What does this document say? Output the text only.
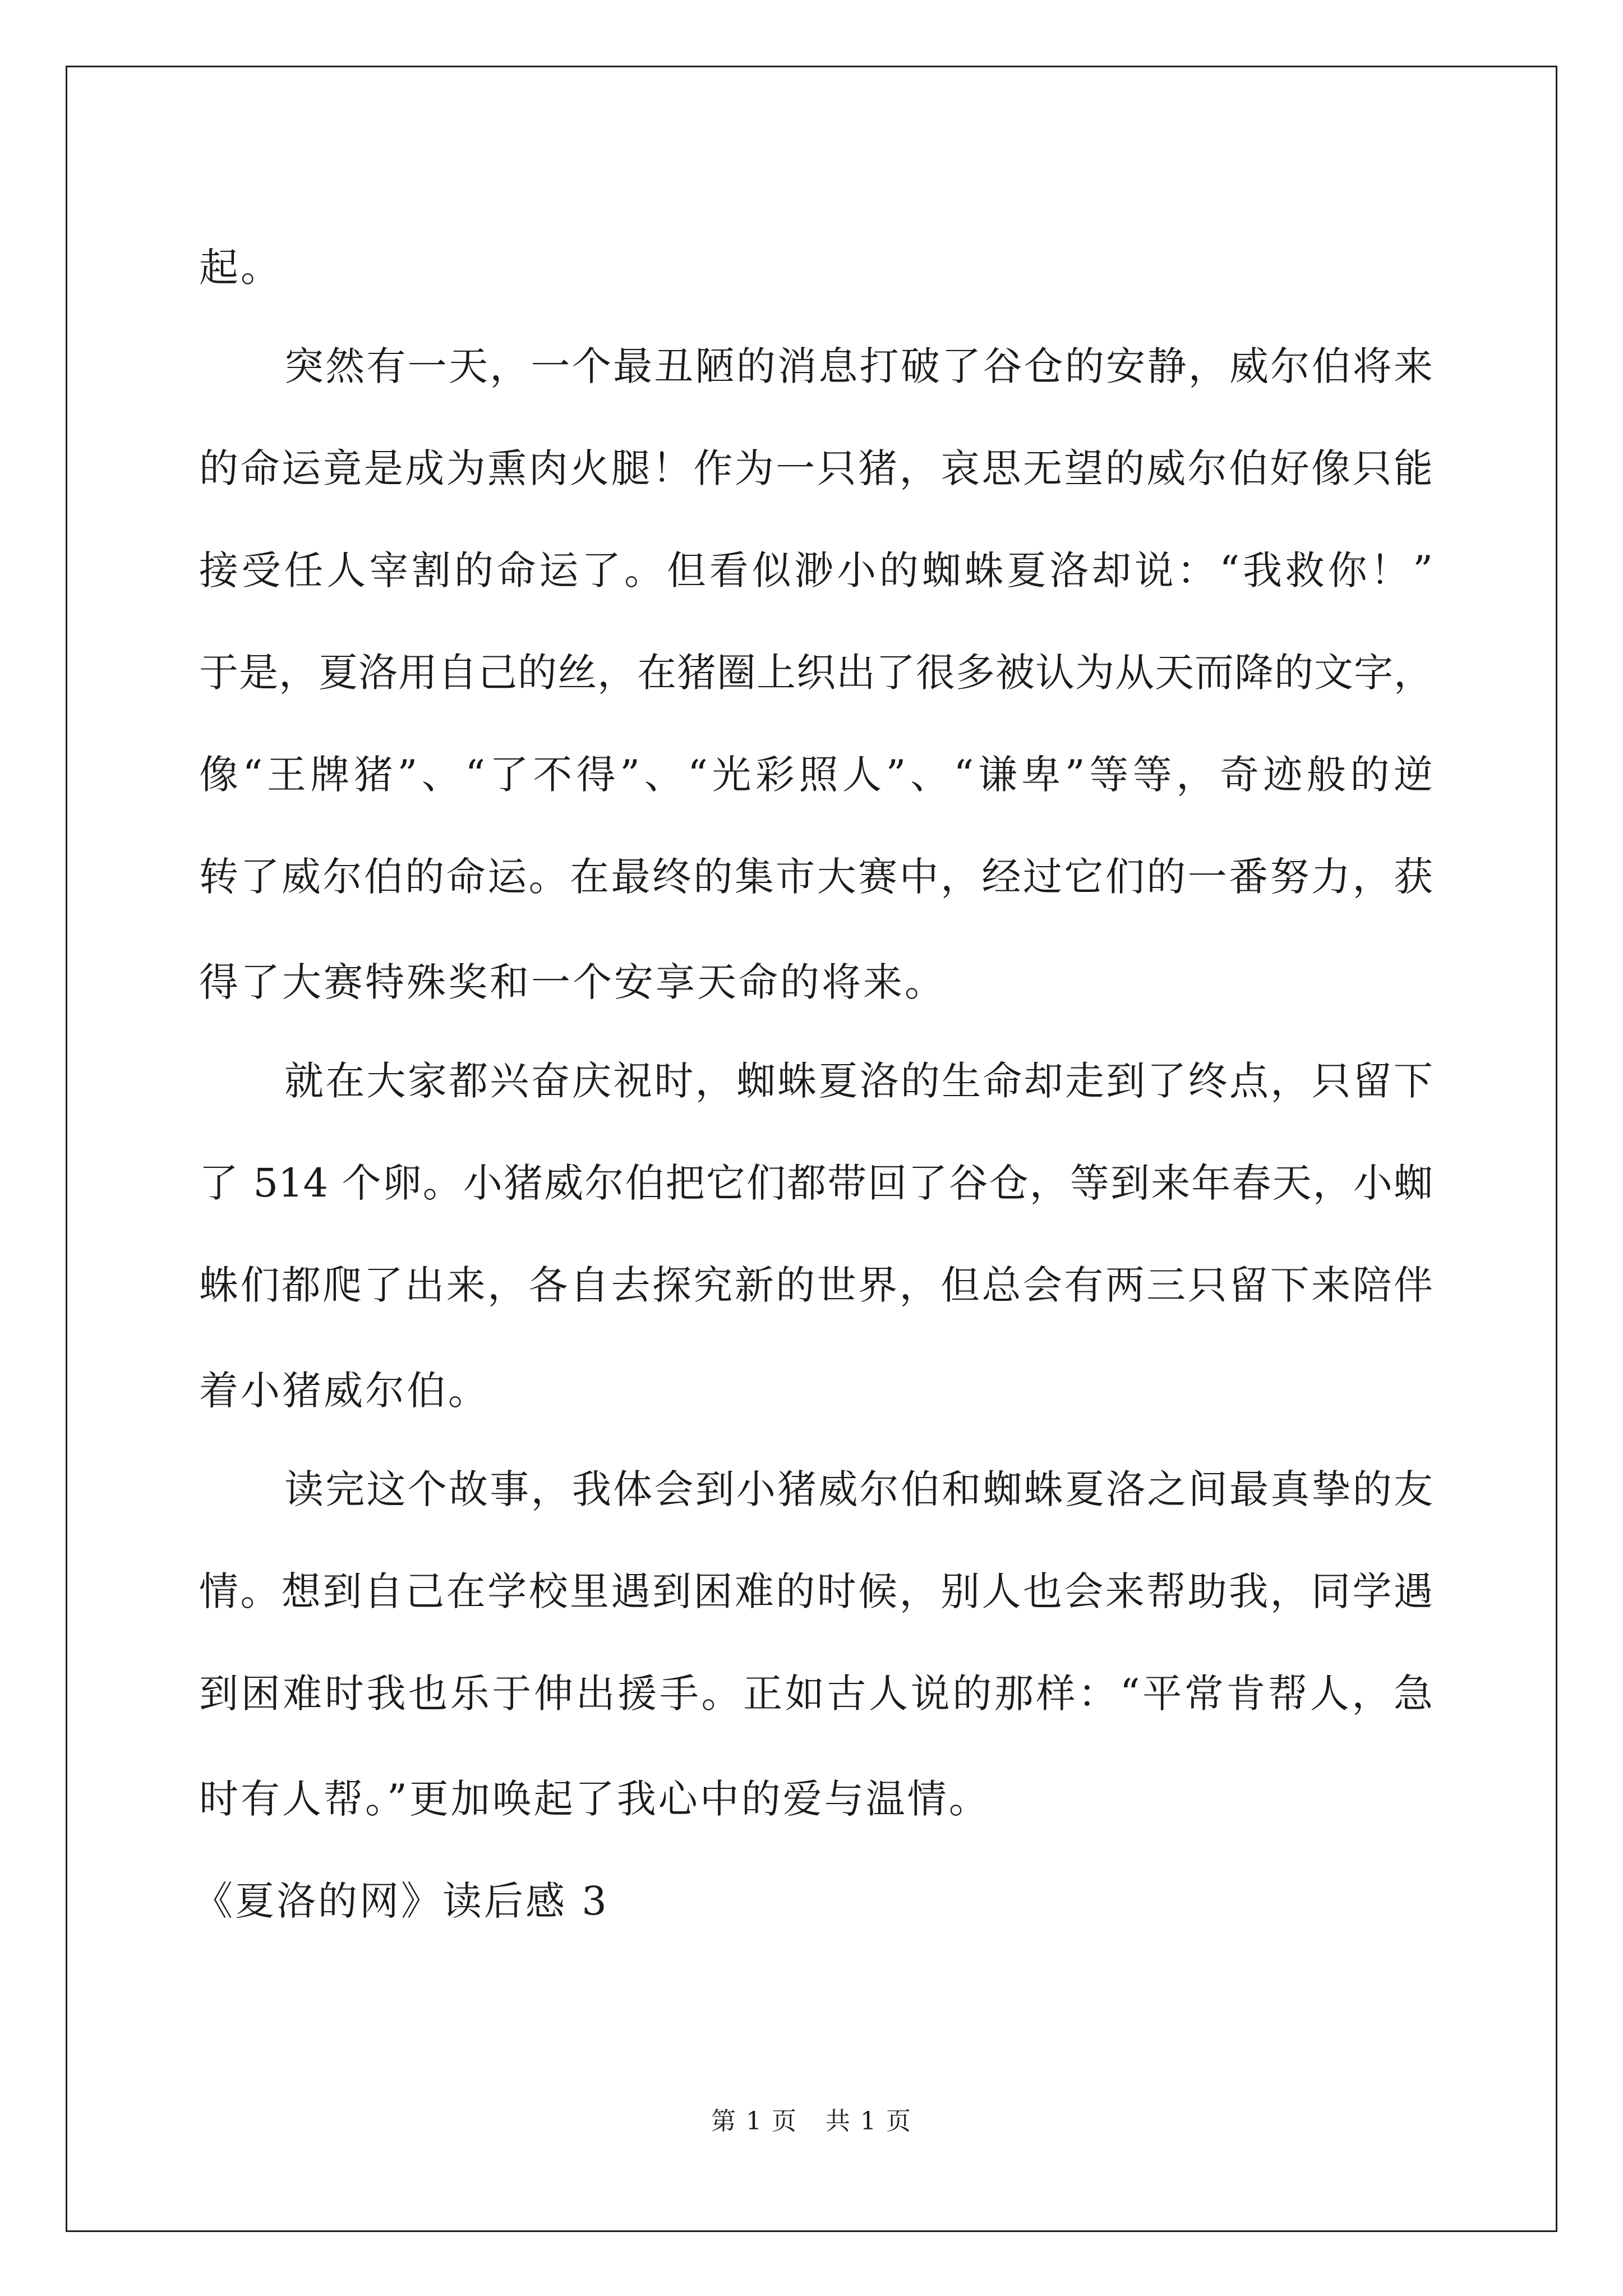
起。
突然有一天，一个最丑陋的消息打破了谷仓的安静，威尔伯将来
的命运竟是成为熏肉火腿！作为一只猪，哀思无望的威尔伯好像只能
接受任人宰割的命运了。但看似渺小的蜘蛛夏洛却说：“我救你！”
于是，夏洛用自己的丝，在猪圈上织出了很多被认为从天而降的文字，
像“王牌猪”、“了不得”、“光彩照人”、“谦卑”等等，奇迹般的逆
转了威尔伯的命运。在最终的集市大赛中，经过它们的一番努力，获
得了大赛特殊奖和一个安享天命的将来。
就在大家都兴奋庆祝时，蜘蛛夏洛的生命却走到了终点，只留下
了 514 个卵。小猪威尔伯把它们都带回了谷仓，等到来年春天，小蜘
蛛们都爬了出来，各自去探究新的世界，但总会有两三只留下来陪伴
着小猪威尔伯。
读完这个故事，我体会到小猪威尔伯和蜘蛛夏洛之间最真挚的友
情。想到自己在学校里遇到困难的时候，别人也会来帮助我，同学遇
到困难时我也乐于伸出援手。正如古人说的那样：“平常肯帮人，急
时有人帮。”更加唤起了我心中的爱与温情。
《夏洛的网》读后感 3
第 1 页 共 1 页
